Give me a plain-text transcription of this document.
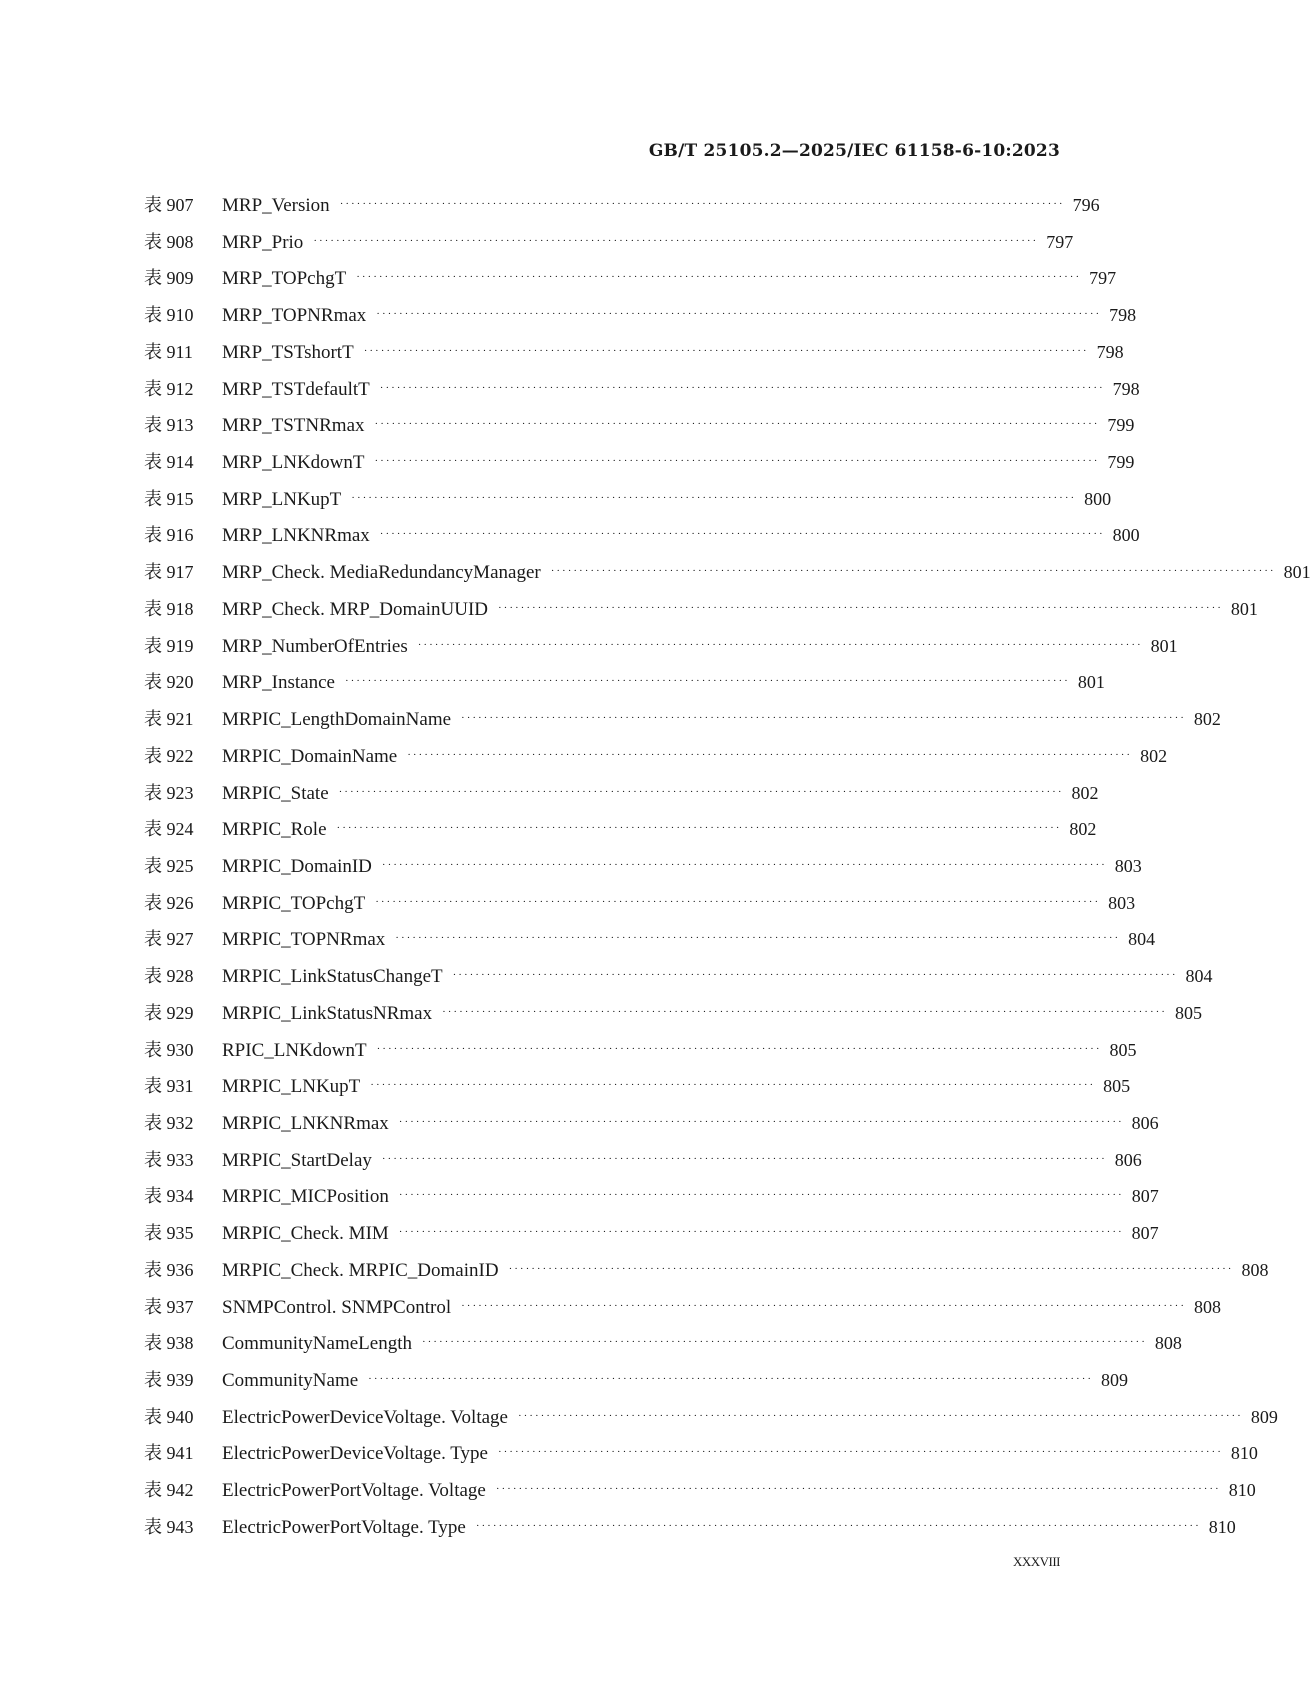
GB/T 25105.2—2025/IEC 61158-6-10:2023
表 907	MRP_Version ································································································································ 796
表 908	MRP_Prio ································································································································ 797
表 909	MRP_TOPchgT ································································································································ 797
表 910	MRP_TOPNRmax ································································································································ 798
表 911	MRP_TSTshortT ································································································································ 798
表 912	MRP_TSTdefaultT ································································································································ 798
表 913	MRP_TSTNRmax ································································································································ 799
表 914	MRP_LNKdownT ································································································································ 799
表 915	MRP_LNKupT ································································································································ 800
表 916	MRP_LNKNRmax ································································································································ 800
表 917	MRP_Check. MediaRedundancyManager ································································································································ 801
表 918	MRP_Check. MRP_DomainUUID ································································································································ 801
表 919	MRP_NumberOfEntries ································································································································ 801
表 920	MRP_Instance ································································································································ 801
表 921	MRPIC_LengthDomainName ································································································································ 802
表 922	MRPIC_DomainName ································································································································ 802
表 923	MRPIC_State ································································································································ 802
表 924	MRPIC_Role ································································································································ 802
表 925	MRPIC_DomainID ································································································································ 803
表 926	MRPIC_TOPchgT ································································································································ 803
表 927	MRPIC_TOPNRmax ································································································································ 804
表 928	MRPIC_LinkStatusChangeT ································································································································ 804
表 929	MRPIC_LinkStatusNRmax ································································································································ 805
表 930	RPIC_LNKdownT ································································································································ 805
表 931	MRPIC_LNKupT ································································································································ 805
表 932	MRPIC_LNKNRmax ································································································································ 806
表 933	MRPIC_StartDelay ································································································································ 806
表 934	MRPIC_MICPosition ································································································································ 807
表 935	MRPIC_Check. MIM ································································································································ 807
表 936	MRPIC_Check. MRPIC_DomainID ································································································································ 808
表 937	SNMPControl. SNMPControl ································································································································ 808
表 938	CommunityNameLength ································································································································ 808
表 939	CommunityName ································································································································ 809
表 940	ElectricPowerDeviceVoltage. Voltage ································································································································ 809
表 941	ElectricPowerDeviceVoltage. Type ································································································································ 810
表 942	ElectricPowerPortVoltage. Voltage ································································································································ 810
表 943	ElectricPowerPortVoltage. Type ································································································································ 810
XXXVIII
